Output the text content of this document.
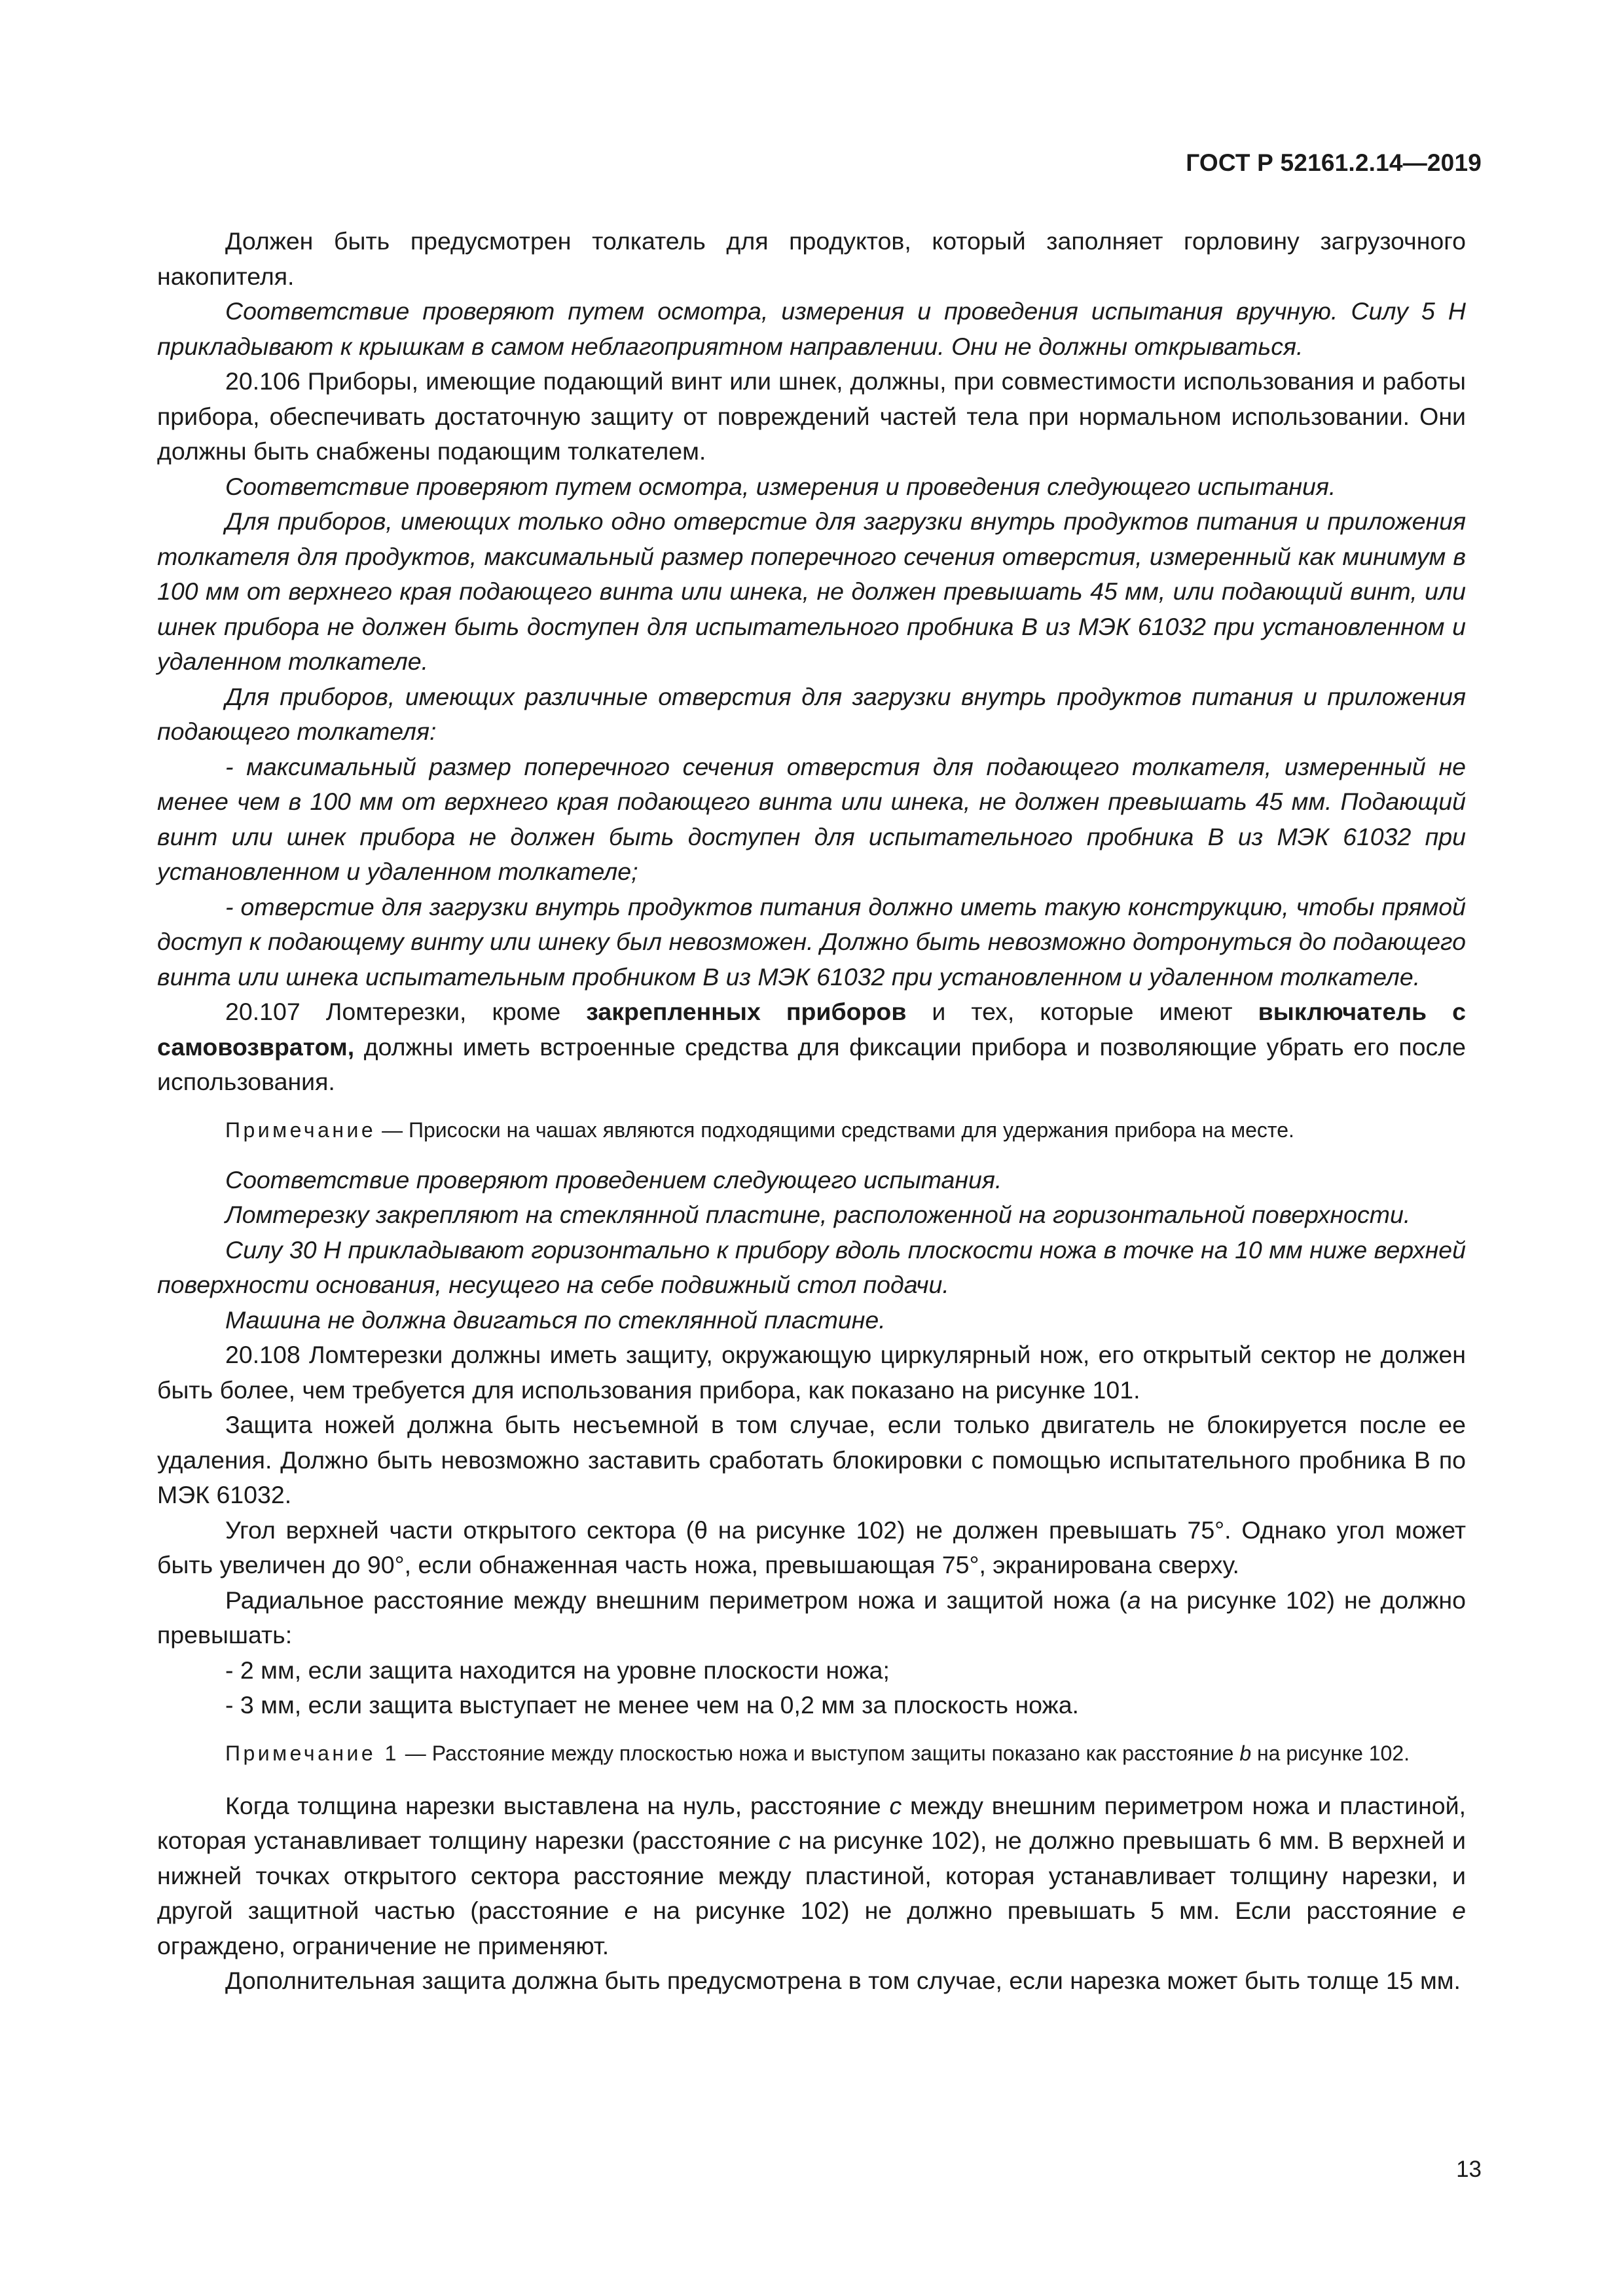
ГОСТ Р 52161.2.14—2019

Должен быть предусмотрен толкатель для продуктов, который заполняет горловину загрузочного накопителя.

Соответствие проверяют путем осмотра, измерения и проведения испытания вручную. Силу 5 Н прикладывают к крышкам в самом неблагоприятном направлении. Они не должны открываться.

20.106 Приборы, имеющие подающий винт или шнек, должны, при совместимости использования и работы прибора, обеспечивать достаточную защиту от повреждений частей тела при нормальном использовании. Они должны быть снабжены подающим толкателем.

Соответствие проверяют путем осмотра, измерения и проведения следующего испытания.

Для приборов, имеющих только одно отверстие для загрузки внутрь продуктов питания и приложения толкателя для продуктов, максимальный размер поперечного сечения отверстия, измеренный как минимум в 100 мм от верхнего края подающего винта или шнека, не должен превышать 45 мм, или подающий винт, или шнек прибора не должен быть доступен для испытательного пробника В из МЭК 61032 при установленном и удаленном толкателе.

Для приборов, имеющих различные отверстия для загрузки внутрь продуктов питания и приложения подающего толкателя:

- максимальный размер поперечного сечения отверстия для подающего толкателя, измеренный не менее чем в 100 мм от верхнего края подающего винта или шнека, не должен превышать 45 мм. Подающий винт или шнек прибора не должен быть доступен для испытательного пробника В из МЭК 61032 при установленном и удаленном толкателе;

- отверстие для загрузки внутрь продуктов питания должно иметь такую конструкцию, чтобы прямой доступ к подающему винту или шнеку был невозможен. Должно быть невозможно дотронуться до подающего винта или шнека испытательным пробником В из МЭК 61032 при установленном и удаленном толкателе.

20.107 Ломтерезки, кроме закрепленных приборов и тех, которые имеют выключатель с самовозвратом, должны иметь встроенные средства для фиксации прибора и позволяющие убрать его после использования.

Примечание — Присоски на чашах являются подходящими средствами для удержания прибора на месте.

Соответствие проверяют проведением следующего испытания.

Ломтерезку закрепляют на стеклянной пластине, расположенной на горизонтальной поверхности.

Силу 30 Н прикладывают горизонтально к прибору вдоль плоскости ножа в точке на 10 мм ниже верхней поверхности основания, несущего на себе подвижный стол подачи.

Машина не должна двигаться по стеклянной пластине.

20.108 Ломтерезки должны иметь защиту, окружающую циркулярный нож, его открытый сектор не должен быть более, чем требуется для использования прибора, как показано на рисунке 101.

Защита ножей должна быть несъемной в том случае, если только двигатель не блокируется после ее удаления. Должно быть невозможно заставить сработать блокировки с помощью испытательного пробника В по МЭК 61032.

Угол верхней части открытого сектора (θ на рисунке 102) не должен превышать 75°. Однако угол может быть увеличен до 90°, если обнаженная часть ножа, превышающая 75°, экранирована сверху.

Радиальное расстояние между внешним периметром ножа и защитой ножа (а на рисунке 102) не должно превышать:

- 2 мм, если защита находится на уровне плоскости ножа;

- 3 мм, если защита выступает не менее чем на 0,2 мм за плоскость ножа.

Примечание 1 — Расстояние между плоскостью ножа и выступом защиты показано как расстояние b на рисунке 102.

Когда толщина нарезки выставлена на нуль, расстояние с между внешним периметром ножа и пластиной, которая устанавливает толщину нарезки (расстояние с на рисунке 102), не должно превышать 6 мм. В верхней и нижней точках открытого сектора расстояние между пластиной, которая устанавливает толщину нарезки, и другой защитной частью (расстояние е на рисунке 102) не должно превышать 5 мм. Если расстояние е ограждено, ограничение не применяют.

Дополнительная защита должна быть предусмотрена в том случае, если нарезка может быть толще 15 мм.

13
